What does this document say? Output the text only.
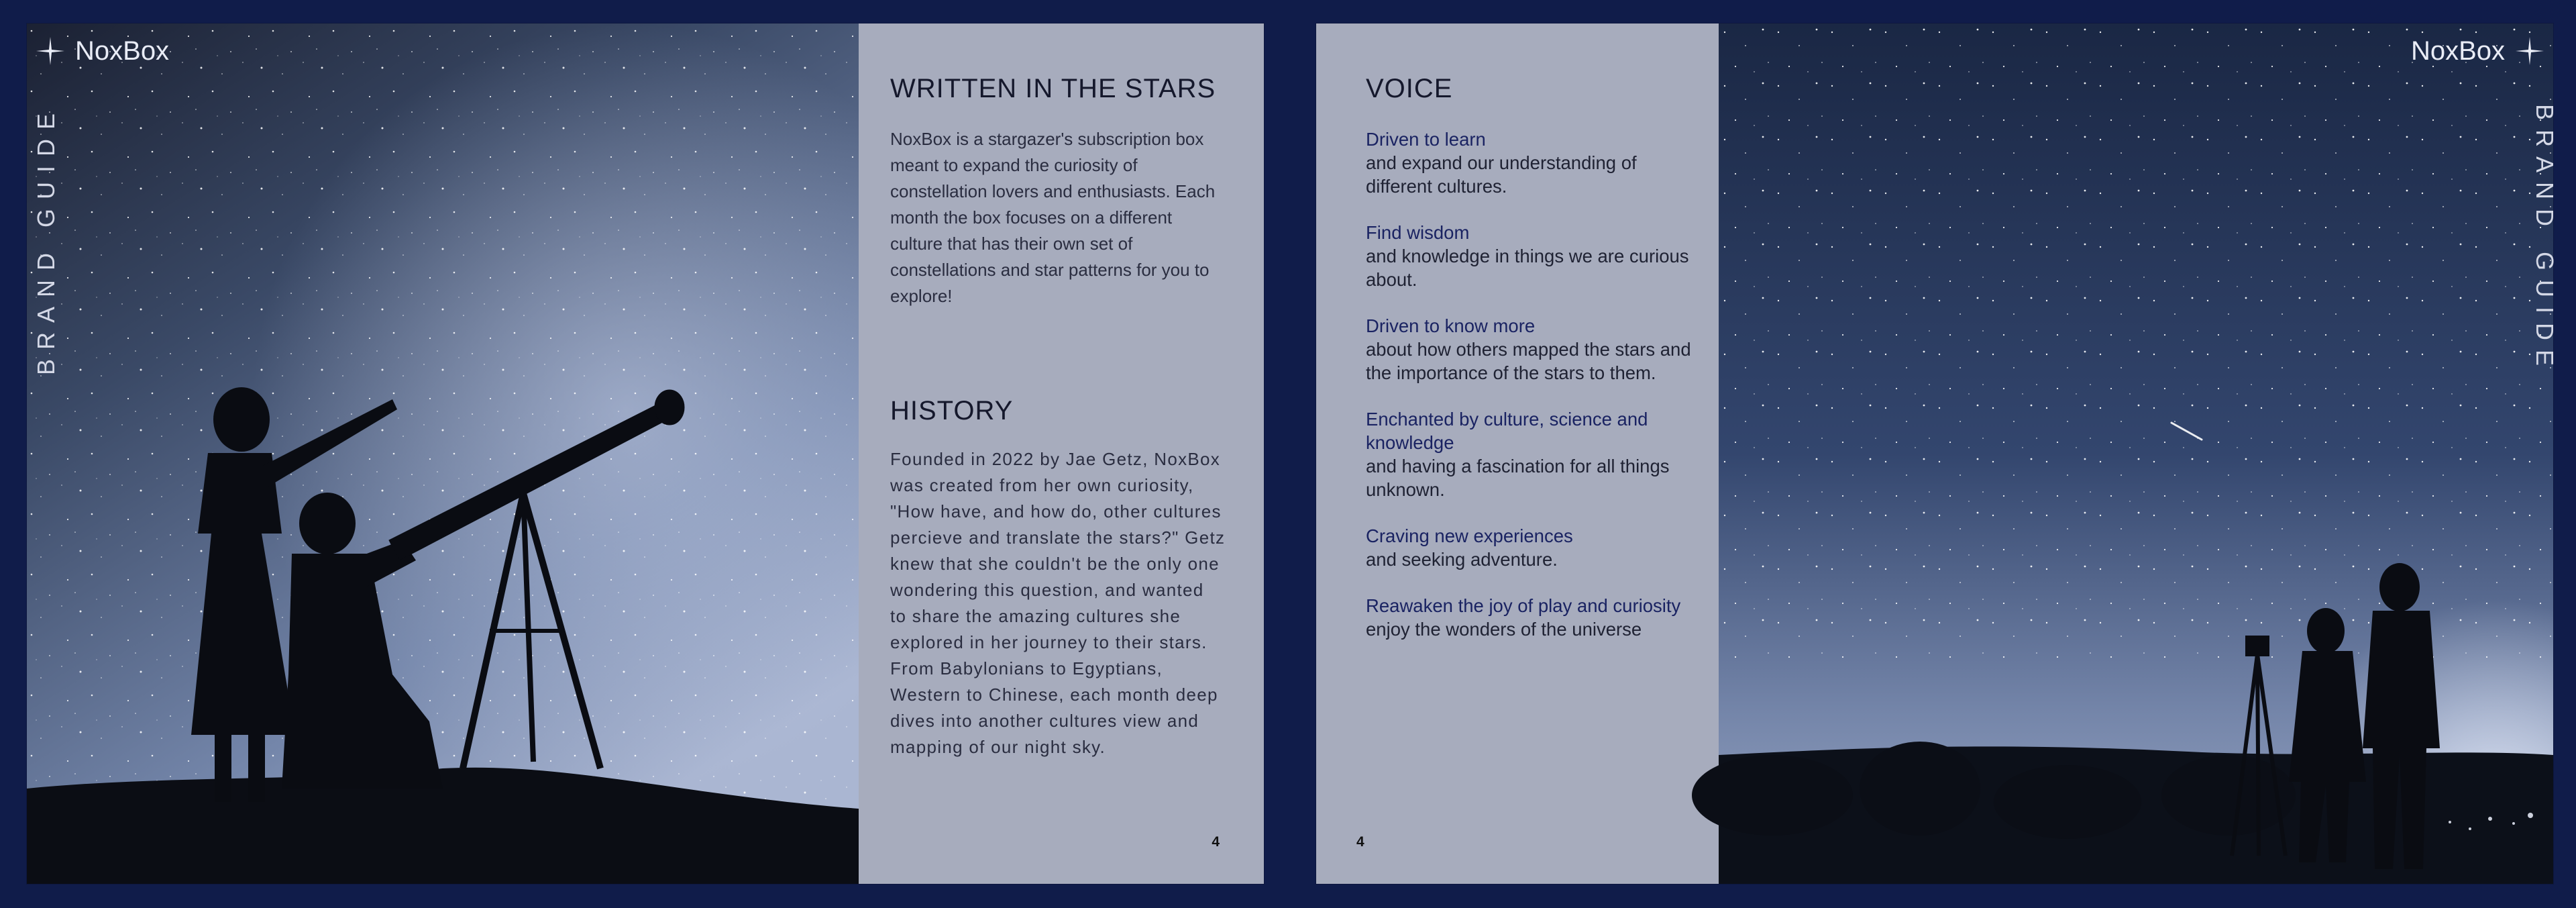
NoxBox
BRAND GUIDE
WRITTEN IN THE STARS
NoxBox is a stargazer's subscription box meant to expand the curiosity of constellation lovers and enthusiasts. Each month the box focuses on a different culture that has their own set of constellations and star patterns for you to explore!
HISTORY
Founded in 2022 by Jae Getz, NoxBox was created from her own curiosity, "How have, and how do, other cultures percieve and translate the stars?" Getz knew that she couldn't be the only one wondering this question, and wanted to share the amazing cultures she explored in her journey to their stars. From Babylonians to Egyptians, Western to Chinese, each month deep dives into another cultures view and mapping of our night sky.
4
VOICE
Driven to learn
and expand our understanding of different cultures.
Find wisdom
and knowledge in things we are curious about.
Driven to know more
about how others mapped the stars and the importance of the stars to them.
Enchanted by culture, science and knowledge
and having a fascination for all things unknown.
Craving new experiences
and seeking adventure.
Reawaken the joy of play and curiosity
enjoy the wonders of the universe
4
NoxBox
BRAND GUIDE
